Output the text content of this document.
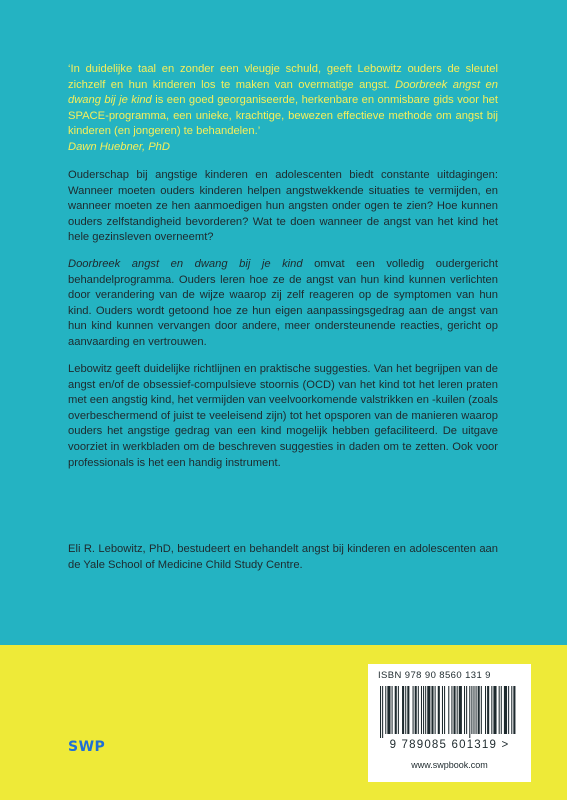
‘In duidelijke taal en zonder een vleugje schuld, geeft Lebowitz ouders de sleutel zichzelf en hun kinderen los te maken van overmatige angst. Doorbreek angst en dwang bij je kind is een goed georganiseerde, herkenbare en onmisbare gids voor het SPACE-programma, een unieke, krachtige, bewezen effectieve methode om angst bij kinderen (en jongeren) te behandelen.’
Dawn Huebner, PhD

Ouderschap bij angstige kinderen en adolescenten biedt constante uitdagingen: Wanneer moeten ouders kinderen helpen angstwekkende situaties te vermijden, en wanneer moeten ze hen aanmoedigen hun angsten onder ogen te zien? Hoe kunnen ouders zelfstandigheid bevorderen? Wat te doen wanneer de angst van het kind het hele gezinsleven overneemt?

Doorbreek angst en dwang bij je kind omvat een volledig oudergericht behandelprogramma. Ouders leren hoe ze de angst van hun kind kunnen verlichten door verandering van de wijze waarop zij zelf reageren op de symptomen van hun kind. Ouders wordt getoond hoe ze hun eigen aanpassingsgedrag aan de angst van hun kind kunnen vervangen door andere, meer ondersteunende reacties, gericht op aanvaarding en vertrouwen.

Lebowitz geeft duidelijke richtlijnen en praktische suggesties. Van het begrijpen van de angst en/of de obsessief-compulsieve stoornis (OCD) van het kind tot het leren praten met een angstig kind, het vermijden van veelvoorkomende valstrikken en -kuilen (zoals overbeschermend of juist te veeleisend zijn) tot het opsporen van de manieren waarop ouders het angstige gedrag van een kind mogelijk hebben gefaciliteerd. De uitgave voorziet in werkbladen om de beschreven suggesties in daden om te zetten. Ook voor professionals is het een handig instrument.

Eli R. Lebowitz, PhD, bestudeert en behandelt angst bij kinderen en adolescenten aan de Yale School of Medicine Child Study Centre.

SWP
ISBN 978 90 8560 131 9
9 789085 601319 >
www.swpbook.com
